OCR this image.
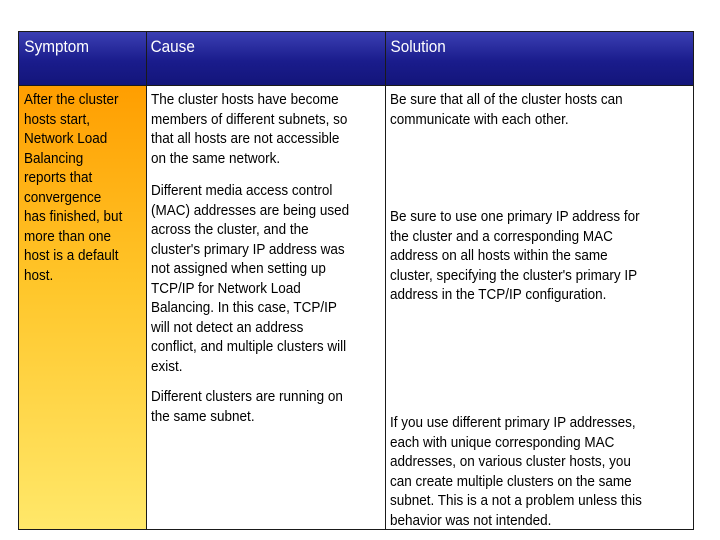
Symptom	Cause	Solution
After the cluster
hosts start,
Network Load
Balancing
reports that
convergence
has finished, but
more than one
host is a default
host.
The cluster hosts have become
members of different subnets, so
that all hosts are not accessible
on the same network.
Different media access control
(MAC) addresses are being used
across the cluster, and the
cluster's primary IP address was
not assigned when setting up
TCP/IP for Network Load
Balancing. In this case, TCP/IP
will not detect an address
conflict, and multiple clusters will
exist.
Different clusters are running on
the same subnet.
Be sure that all of the cluster hosts can
communicate with each other.
Be sure to use one primary IP address for
the cluster and a corresponding MAC
address on all hosts within the same
cluster, specifying the cluster's primary IP
address in the TCP/IP configuration.
If you use different primary IP addresses,
each with unique corresponding MAC
addresses, on various cluster hosts, you
can create multiple clusters on the same
subnet. This is a not a problem unless this
behavior was not intended.
